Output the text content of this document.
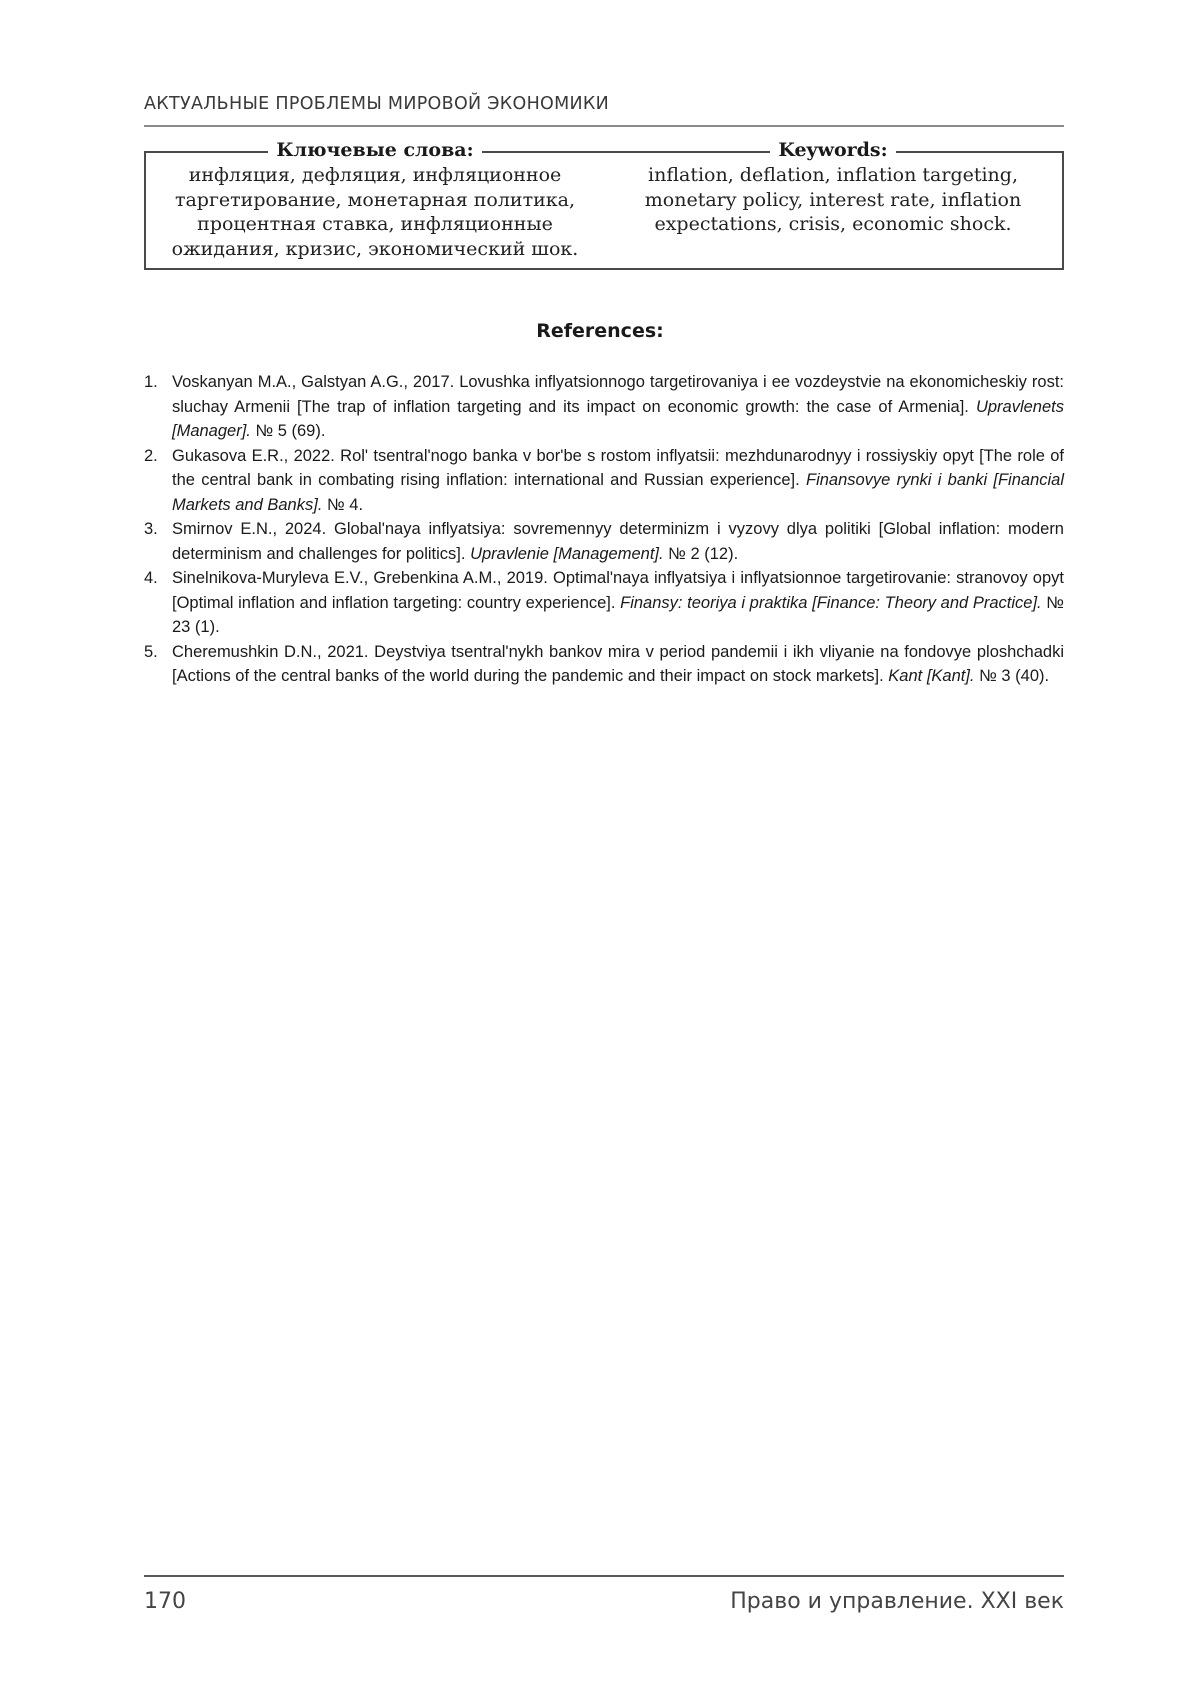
АКТУАЛЬНЫЕ ПРОБЛЕМЫ МИРОВОЙ ЭКОНОМИКИ
Ключевые слова:
инфляция, дефляция, инфляционное
таргетирование, монетарная политика,
процентная ставка, инфляционные
ожидания, кризис, экономический шок.
Keywords:
inflation, deflation, inflation targeting,
monetary policy, interest rate, inflation
expectations, crisis, economic shock.
References:
1. Voskanyan M.A., Galstyan A.G., 2017. Lovushka inflyatsionnogo targetirovaniya i ee vozdeystvie na ekonomicheskiy rost: sluchay Armenii [The trap of inflation targeting and its impact on economic growth: the case of Armenia]. Upravlenets [Manager]. № 5 (69).
2. Gukasova E.R., 2022. Rol' tsentral'nogo banka v bor'be s rostom inflyatsii: mezhdunarodnyy i rossiyskiy opyt [The role of the central bank in combating rising inflation: international and Russian experience]. Finansovye rynki i banki [Financial Markets and Banks]. № 4.
3. Smirnov E.N., 2024. Global'naya inflyatsiya: sovremennyy determinizm i vyzovy dlya politiki [Global inflation: modern determinism and challenges for politics]. Upravlenie [Management]. № 2 (12).
4. Sinelnikova-Muryleva E.V., Grebenkina A.M., 2019. Optimal'naya inflyatsiya i inflyatsionnoe targetirovanie: stranovoy opyt [Optimal inflation and inflation targeting: country experience]. Finansy: teoriya i praktika [Finance: Theory and Practice]. № 23 (1).
5. Cheremushkin D.N., 2021. Deystviya tsentral'nykh bankov mira v period pandemii i ikh vliyanie na fondovye ploshchadki [Actions of the central banks of the world during the pandemic and their impact on stock markets]. Kant [Kant]. № 3 (40).
170	Право и управление. XXI век
